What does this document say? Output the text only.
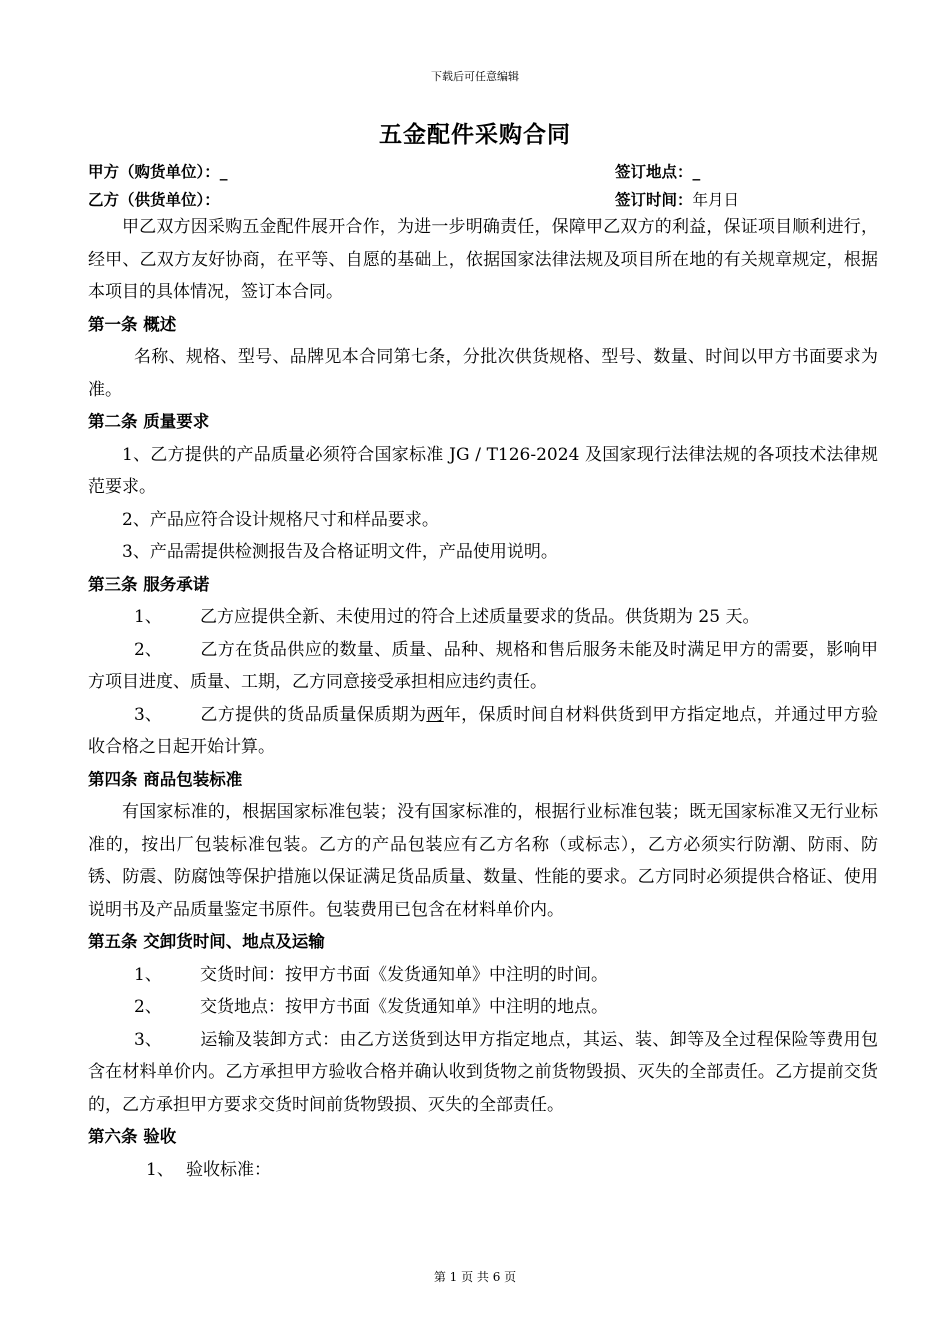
下载后可任意编辑
五金配件采购合同
甲方（购货单位）：_	签订地点：_
乙方（供货单位）：	签订时间：年月日

甲乙双方因采购五金配件展开合作，为进一步明确责任，保障甲乙双方的利益，保证项目顺利进行，经甲、乙双方友好协商，在平等、自愿的基础上，依据国家法律法规及项目所在地的有关规章规定，根据本项目的具体情况，签订本合同。

第一条 概述

名称、规格、型号、品牌见本合同第七条，分批次供货规格、型号、数量、时间以甲方书面要求为准。

第二条 质量要求

1、乙方提供的产品质量必须符合国家标准 JG / T126-2024 及国家现行法律法规的各项技术法律规范要求。

2、产品应符合设计规格尺寸和样品要求。

3、产品需提供检测报告及合格证明文件，产品使用说明。

第三条 服务承诺

1、 乙方应提供全新、未使用过的符合上述质量要求的货品。供货期为 25 天。

2、 乙方在货品供应的数量、质量、品种、规格和售后服务未能及时满足甲方的需要，影响甲方项目进度、质量、工期，乙方同意接受承担相应违约责任。

3、 乙方提供的货品质量保质期为两年，保质时间自材料供货到甲方指定地点，并通过甲方验收合格之日起开始计算。

第四条 商品包装标准

有国家标准的，根据国家标准包装；没有国家标准的，根据行业标准包装；既无国家标准又无行业标准的，按出厂包装标准包装。乙方的产品包装应有乙方名称（或标志），乙方必须实行防潮、防雨、防锈、防震、防腐蚀等保护措施以保证满足货品质量、数量、性能的要求。乙方同时必须提供合格证、使用说明书及产品质量鉴定书原件。包装费用已包含在材料单价内。

第五条 交卸货时间、地点及运输

1、 交货时间：按甲方书面《发货通知单》中注明的时间。

2、 交货地点：按甲方书面《发货通知单》中注明的地点。

3、 运输及装卸方式：由乙方送货到达甲方指定地点，其运、装、卸等及全过程保险等费用包含在材料单价内。乙方承担甲方验收合格并确认收到货物之前货物毁损、灭失的全部责任。乙方提前交货的，乙方承担甲方要求交货时间前货物毁损、灭失的全部责任。

第六条 验收

1、 验收标准：

第 1 页 共 6 页
